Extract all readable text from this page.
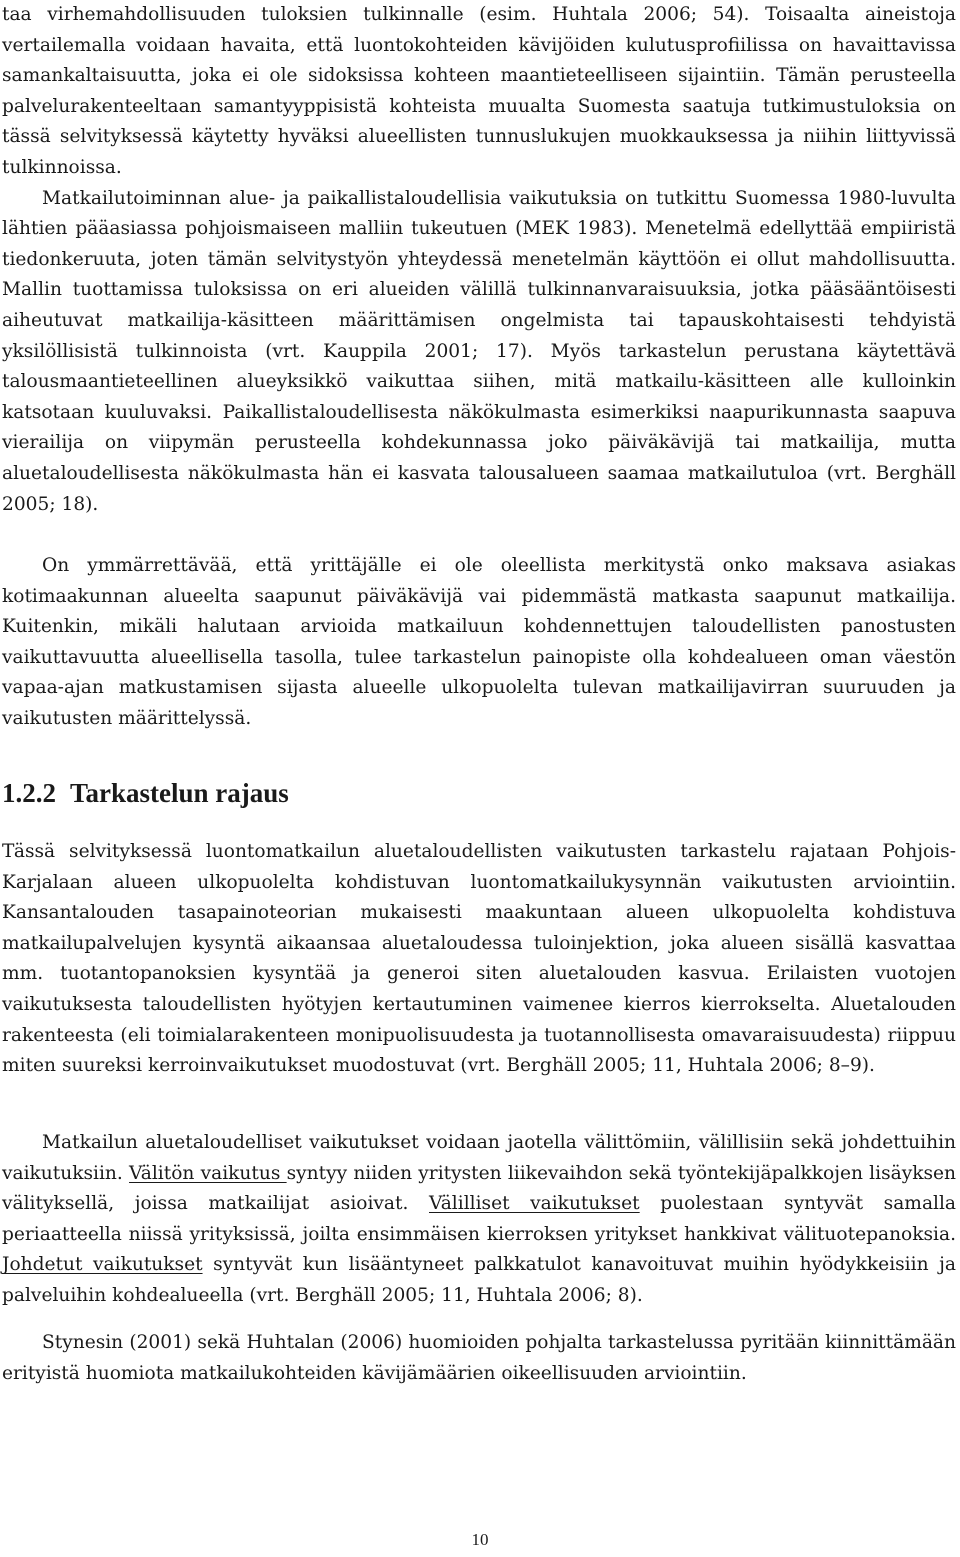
taa virhemahdollisuuden tuloksien tulkinnalle (esim. Huhtala 2006; 54). Toisaalta aineistoja vertailemalla voidaan havaita, että luontokohteiden kävijöiden kulutusprofiilissa on havaittavissa samankaltaisuutta, joka ei ole sidoksissa kohteen maantieteelliseen sijaintiin. Tämän perusteella palvelurakenteeltaan samantyyppisistä kohteista muualta Suomesta saatuja tutkimustuloksia on tässä selvityksessä käytetty hyväksi alueellisten tunnuslukujen muokkauksessa ja niihin liittyvissä tulkinnoissa.
Matkailutoiminnan alue- ja paikallistaloudellisia vaikutuksia on tutkittu Suomessa 1980-luvulta lähtien pääasiassa pohjoismaiseen malliin tukeutuen (MEK 1983). Menetelmä edellyttää empiiristä tiedonkeruuta, joten tämän selvitystyön yhteydessä menetelmän käyttöön ei ollut mahdollisuutta. Mallin tuottamissa tuloksissa on eri alueiden välillä tulkinnanvaraisuuksia, jotka pääsääntöisesti aiheutuvat matkailija-käsitteen määrittämisen ongelmista tai tapauskohtaisesti tehdyistä yksilöllisistä tulkinnoista (vrt. Kauppila 2001; 17). Myös tarkastelun perustana käytettävä talousmaantieteellinen alueyksikkö vaikuttaa siihen, mitä matkailu-käsitteen alle kulloinkin katsotaan kuuluvaksi. Paikallistaloudellisesta näkökulmasta esimerkiksi naapurikunnasta saapuva vierailija on viipymän perusteella kohdekunnassa joko päiväkävijä tai matkailija, mutta aluetaloudellisesta näkökulmasta hän ei kasvata talousalueen saamaa matkailutuloa (vrt. Berghäll 2005; 18).

On ymmärrettävää, että yrittäjälle ei ole oleellista merkitystä onko maksava asiakas kotimaakunnan alueelta saapunut päiväkävijä vai pidemmästä matkasta saapunut matkailija. Kuitenkin, mikäli halutaan arvioida matkailuun kohdennettujen taloudellisten panostusten vaikuttavuutta alueellisella tasolla, tulee tarkastelun painopiste olla kohdealueen oman väestön vapaa-ajan matkustamisen sijasta alueelle ulkopuolelta tulevan matkailijavirran suuruuden ja vaikutusten määrittelyssä.

1.2.2 Tarkastelun rajaus

Tässä selvityksessä luontomatkailun aluetaloudellisten vaikutusten tarkastelu rajataan Pohjois-Karjalaan alueen ulkopuolelta kohdistuvan luontomatkailukysynnän vaikutusten arviointiin. Kansantalouden tasapainoteorian mukaisesti maakuntaan alueen ulkopuolelta kohdistuva matkailupalvelujen kysyntä aikaansaa aluetaloudessa tuloinjektion, joka alueen sisällä kasvattaa mm. tuotantopanoksien kysyntää ja generoi siten aluetalouden kasvua. Erilaisten vuotojen vaikutuksesta taloudellisten hyötyjen kertautuminen vaimenee kierros kierrokselta. Aluetalouden rakenteesta (eli toimialarakenteen monipuolisuudesta ja tuotannollisesta omavaraisuudesta) riippuu miten suureksi kerroinvaikutukset muodostuvat (vrt. Berghäll 2005; 11, Huhtala 2006; 8–9).

Matkailun aluetaloudelliset vaikutukset voidaan jaotella välittömiin, välillisiin sekä johdettuihin vaikutuksiin. Välitön vaikutus syntyy niiden yritysten liikevaihdon sekä työntekijäpalkkojen lisäyksen välityksellä, joissa matkailijat asioivat. Välilliset vaikutukset puolestaan syntyvät samalla periaatteella niissä yrityksissä, joilta ensimmäisen kierroksen yritykset hankkivat välituotepanoksia. Johdetut vaikutukset syntyvät kun lisääntyneet palkkatulot kanavoituvat muihin hyödykkeisiin ja palveluihin kohdealueella (vrt. Berghäll 2005; 11, Huhtala 2006; 8).

Stynesin (2001) sekä Huhtalan (2006) huomioiden pohjalta tarkastelussa pyritään kiinnittämään erityistä huomiota matkailukohteiden kävijämäärien oikeellisuuden arviointiin.

10
